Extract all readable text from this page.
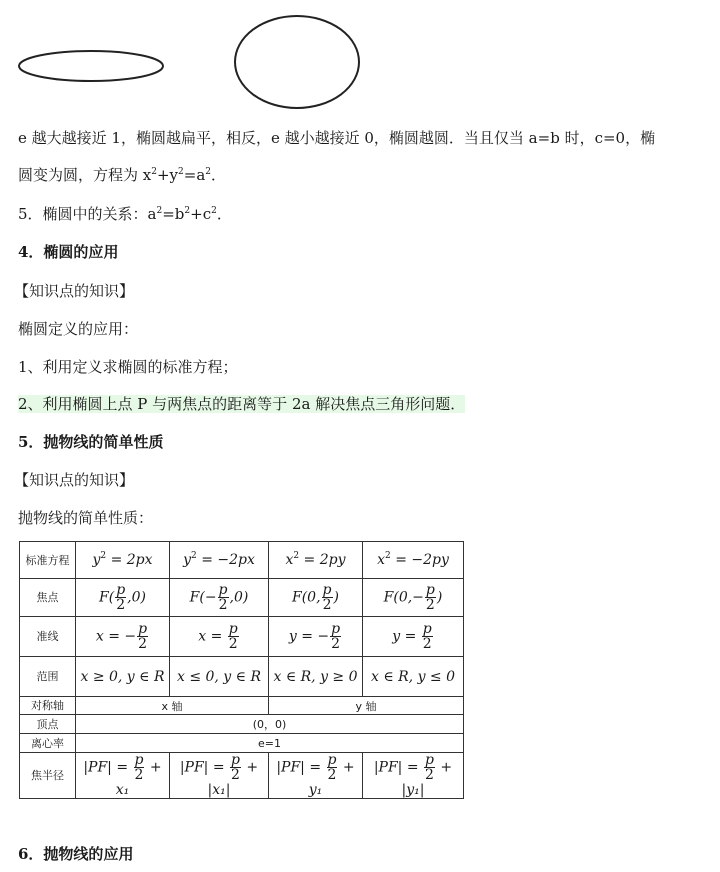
e 越大越接近 1，椭圆越扁平，相反，e 越小越接近 0，椭圆越圆．当且仅当 a=b 时，c=0，椭
圆变为圆，方程为 $x^2+y^2=a^2$．
5．椭圆中的关系：$a^2=b^2+c^2$．
4．椭圆的应用
【知识点的知识】
椭圆定义的应用：
1、利用定义求椭圆的标准方程；
2、利用椭圆上点 P 与两焦点的距离等于 2a 解决焦点三角形问题．
5．抛物线的简单性质
【知识点的知识】
抛物线的简单性质：
标准方程	$y^2 = 2px$	$y^2 = -2px$	$x^2 = 2py$	$x^2 = -2py$
焦点	$F( \frac{p}{2} ,0)$	$F(- \frac{p}{2} ,0)$	F(0, $\frac{p}{2}$ )	$F(0,- \frac{p}{2}$ )
准线	x = − $\frac{p}{2}$	$x = \frac{p}{2}$	y = − $\frac{p}{2}$	$y = \frac{p}{2}$

范围	x ≥ 0, y ∈ R	x ≤ 0, y ∈ R	x ∈ R, y ≥ 0	x ∈ R, y ≤ 0
对称轴	x 轴		y 轴	
顶点	(0，0)			
离心率	e=1			
焦半径	$|PF| = \frac{p}{2} + x_1$	$|PF| = \frac{p}{2} + |x_1|$	$|PF| = \frac{p}{2} + y_1$	$|PF| = \frac{p}{2} + |y_1|$
6．抛物线的应用
